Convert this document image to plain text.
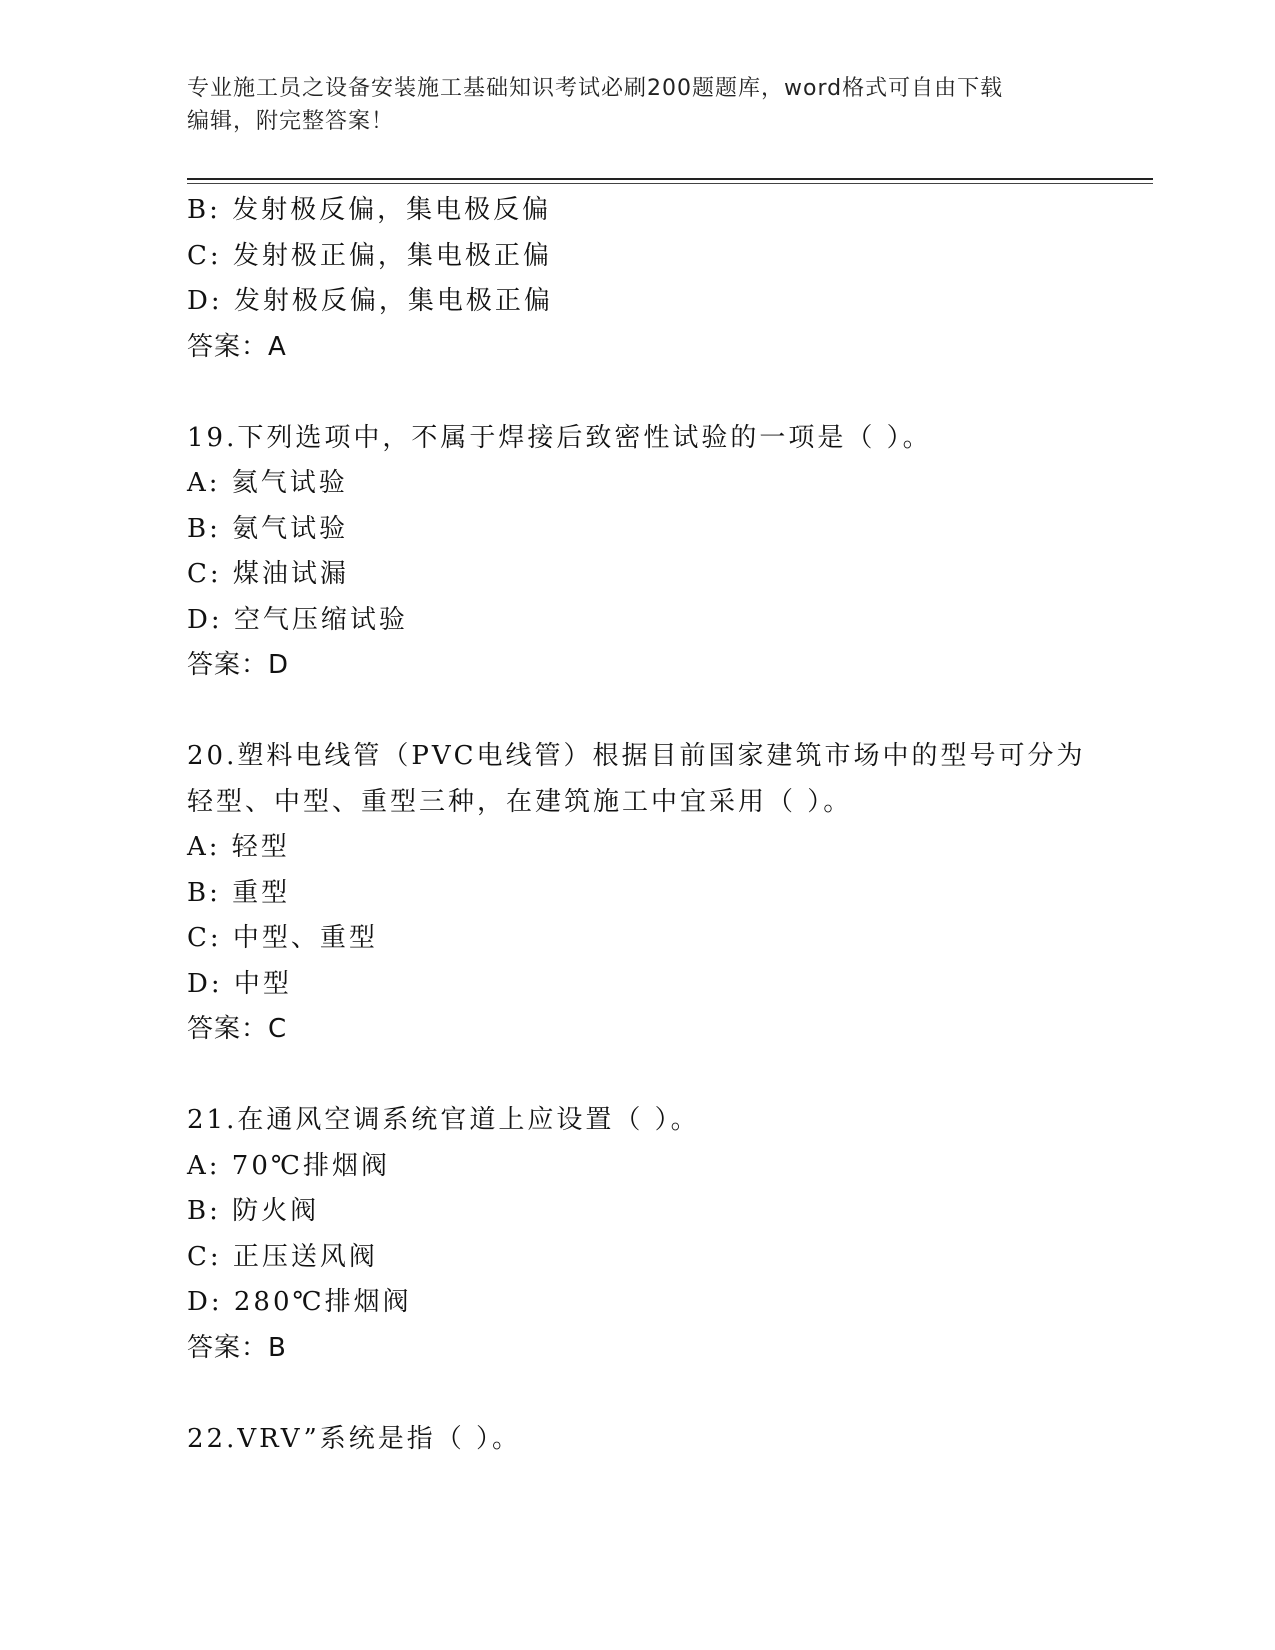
专业施工员之设备安装施工基础知识考试必刷200题题库，word格式可自由下载
编辑，附完整答案！
B: 发射极反偏，集电极反偏
C: 发射极正偏，集电极正偏
D: 发射极反偏，集电极正偏
答案：A
19.下列选项中，不属于焊接后致密性试验的一项是（ ）。
A: 氦气试验
B: 氨气试验
C: 煤油试漏
D: 空气压缩试验
答案：D
20.塑料电线管（PVC电线管）根据目前国家建筑市场中的型号可分为
轻型、中型、重型三种，在建筑施工中宜采用（ ）。
A: 轻型
B: 重型
C: 中型、重型
D: 中型
答案：C
21.在通风空调系统官道上应设置（ ）。
A: 70℃排烟阀
B: 防火阀
C: 正压送风阀
D: 280℃排烟阀
答案：B
22.VRV”系统是指（ ）。
